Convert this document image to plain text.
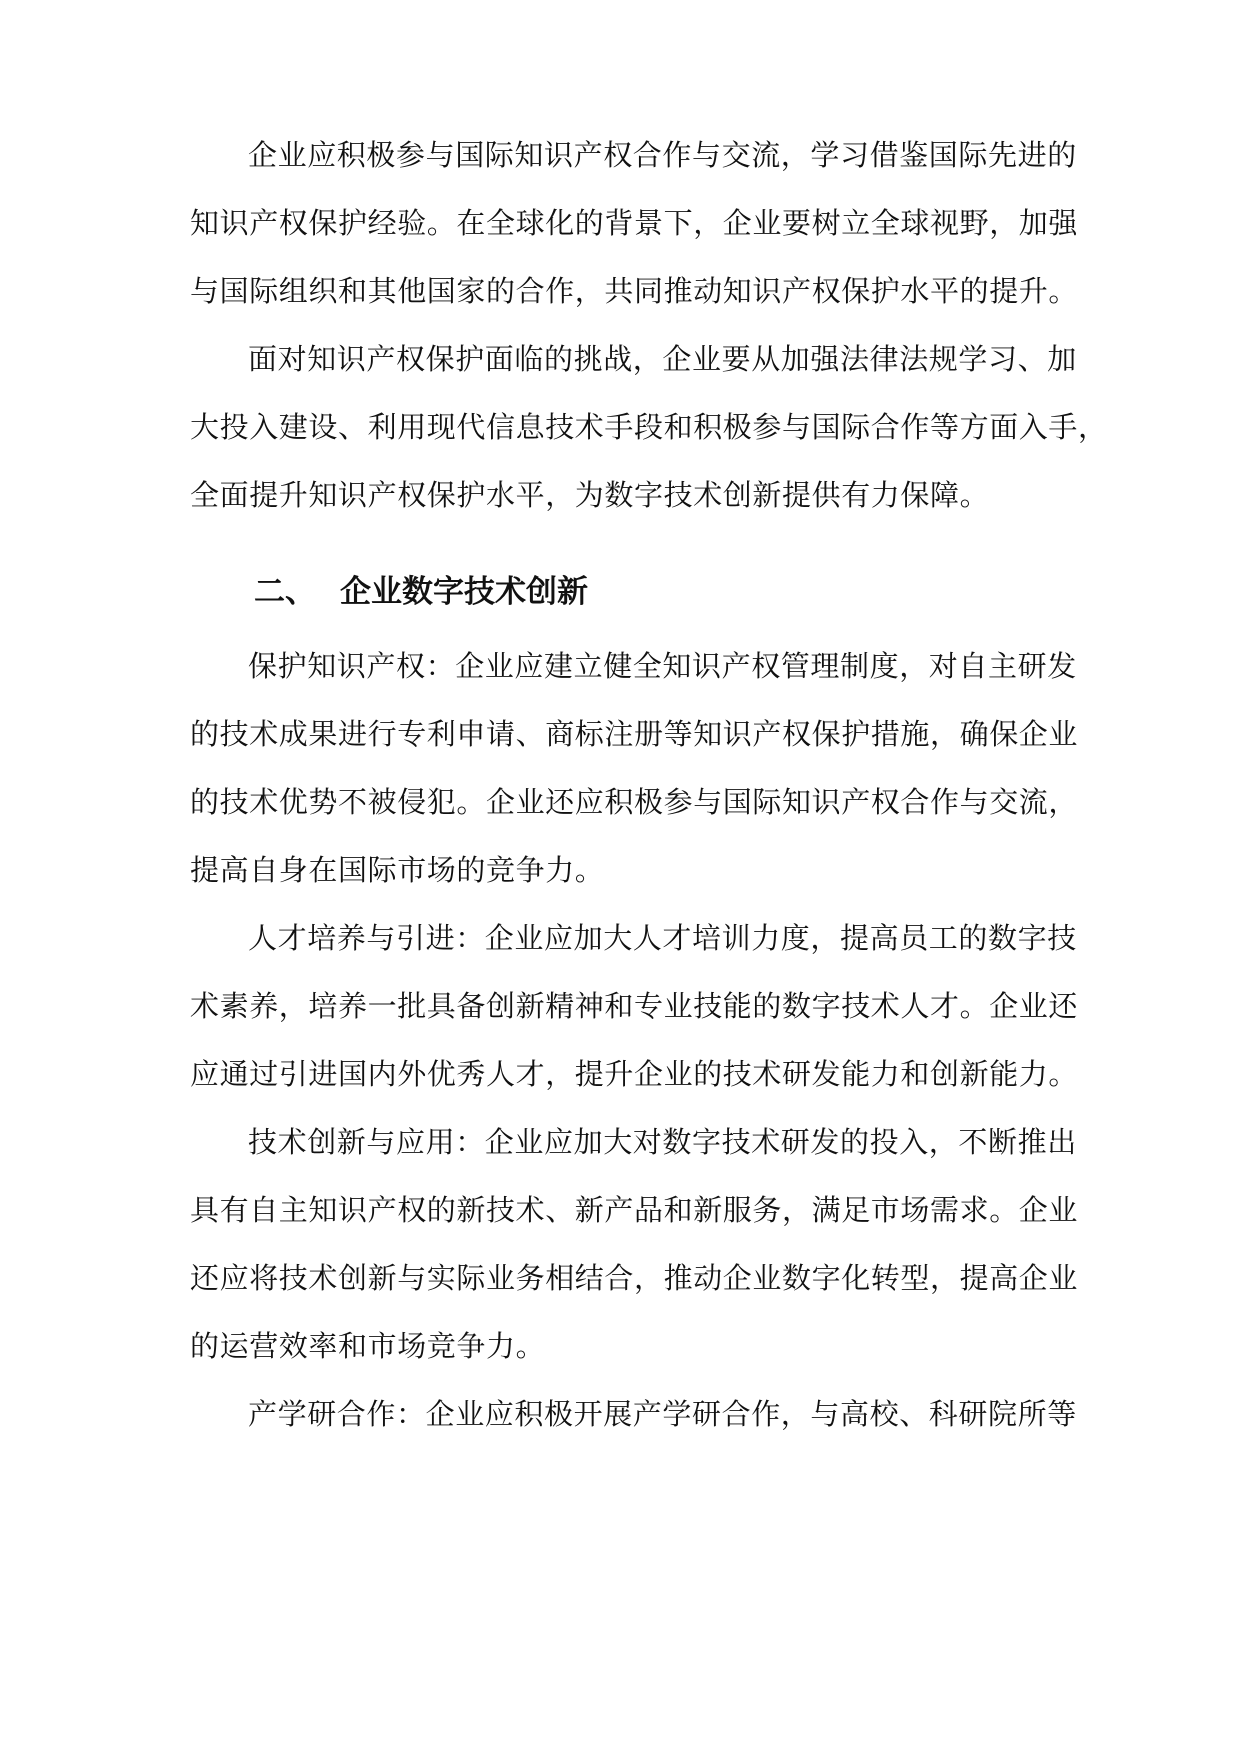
企业应积极参与国际知识产权合作与交流，学习借鉴国际先进的
知识产权保护经验。在全球化的背景下，企业要树立全球视野，加强
与国际组织和其他国家的合作，共同推动知识产权保护水平的提升。
面对知识产权保护面临的挑战，企业要从加强法律法规学习、加
大投入建设、利用现代信息技术手段和积极参与国际合作等方面入手，
全面提升知识产权保护水平，为数字技术创新提供有力保障。
二、 企业数字技术创新
保护知识产权：企业应建立健全知识产权管理制度，对自主研发
的技术成果进行专利申请、商标注册等知识产权保护措施，确保企业
的技术优势不被侵犯。企业还应积极参与国际知识产权合作与交流，
提高自身在国际市场的竞争力。
人才培养与引进：企业应加大人才培训力度，提高员工的数字技
术素养，培养一批具备创新精神和专业技能的数字技术人才。企业还
应通过引进国内外优秀人才，提升企业的技术研发能力和创新能力。
技术创新与应用：企业应加大对数字技术研发的投入，不断推出
具有自主知识产权的新技术、新产品和新服务，满足市场需求。企业
还应将技术创新与实际业务相结合，推动企业数字化转型，提高企业
的运营效率和市场竞争力。
产学研合作：企业应积极开展产学研合作，与高校、科研院所等
